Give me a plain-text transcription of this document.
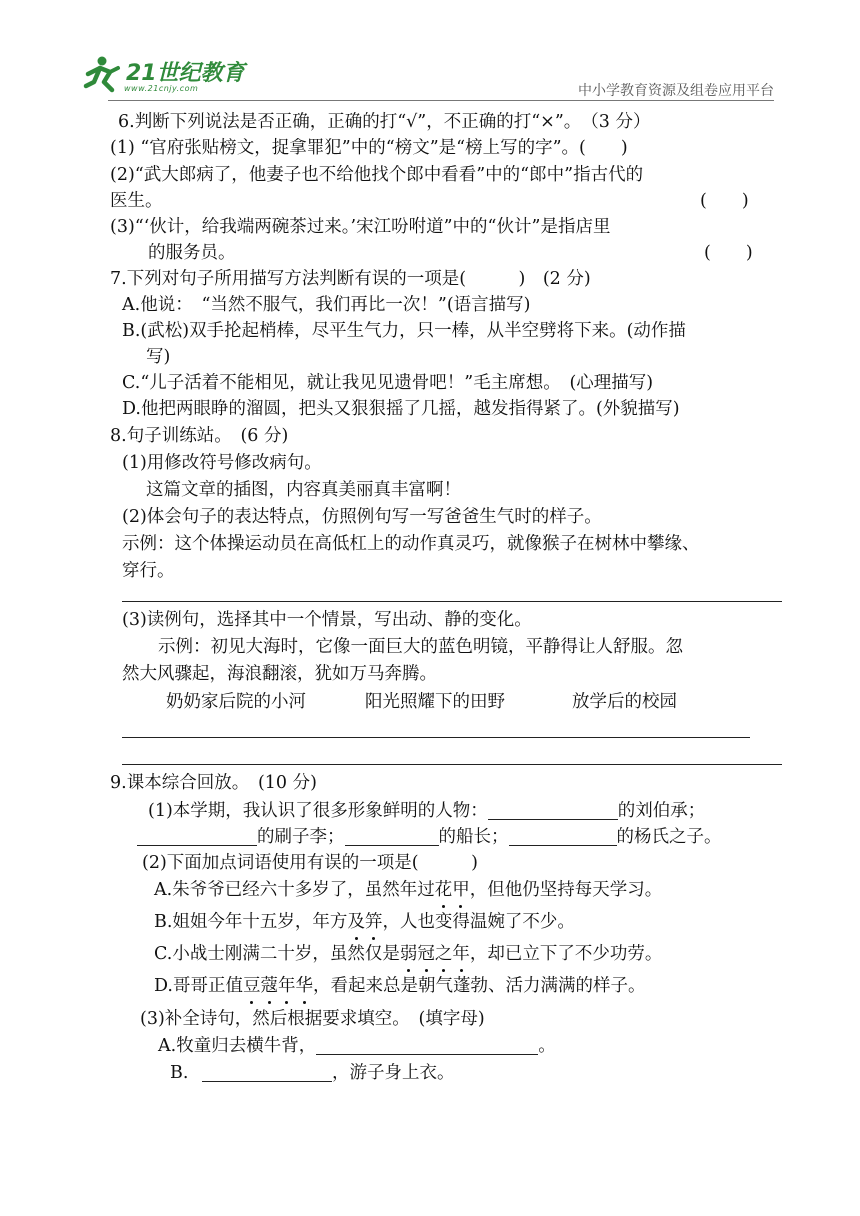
21世纪教育
www.21cnjy.com	中小学教育资源及组卷应用平台
6.判断下列说法是否正确，正确的打“√”，不正确的打“×”。　（3 分）
(1) “官府张贴榜文，捉拿罪犯”中的“榜文”是“榜上写的字”。(　　)
(2)“武大郎病了，他妻子也不给他找个郎中看看”中的“郎中”指古代的
医生。	(　　)
(3)“‘伙计，给我端两碗茶过来。’宋江吩咐道”中的“伙计”是指店里
的服务员。	(　　)
7.下列对句子所用描写方法判断有误的一项是(　　　)　(2 分)
A.他说：　“当然不服气，我们再比一次！”(语言描写)
B.(武松)双手抡起梢棒，尽平生气力，只一棒，从半空劈将下来。(动作描
写)
C.“儿子活着不能相见，就让我见见遗骨吧！”毛主席想。　(心理描写)
D.他把两眼睁的溜圆，把头又狠狠摇了几摇，越发指得紧了。(外貌描写)
8.句子训练站。　(6 分)
(1)用修改符号修改病句。
这篇文章的插图，内容真美丽真丰富啊！
(2)体会句子的表达特点，仿照例句写一写爸爸生气时的样子。
示例：这个体操运动员在高低杠上的动作真灵巧，就像猴子在树林中攀缘、
穿行。
(3)读例句，选择其中一个情景，写出动、静的变化。
示例：初见大海时，它像一面巨大的蓝色明镜，平静得让人舒服。忽
然大风骤起，海浪翻滚，犹如万马奔腾。
奶奶家后院的小河	阳光照耀下的田野	放学后的校园
9.课本综合回放。　(10 分)
(1)本学期，我认识了很多形象鲜明的人物：	的刘伯承；
的刷子李；	的船长；	的杨氏之子。
(2)下面加点词语使用有误的一项是(　　　)
A.朱爷爷已经六十多岁了，虽然年过花甲，但他仍坚持每天学习。
B.姐姐今年十五岁，年方及笄，人也变得温婉了不少。
C.小战士刚满二十岁，虽然仅是弱冠之年，却已立下了不少功劳。
D.哥哥正值豆蔻年华，看起来总是朝气蓬勃、活力满满的样子。
(3)补全诗句，然后根据要求填空。　(填字母)
A.牧童归去横牛背，	。
B.	，游子身上衣。
